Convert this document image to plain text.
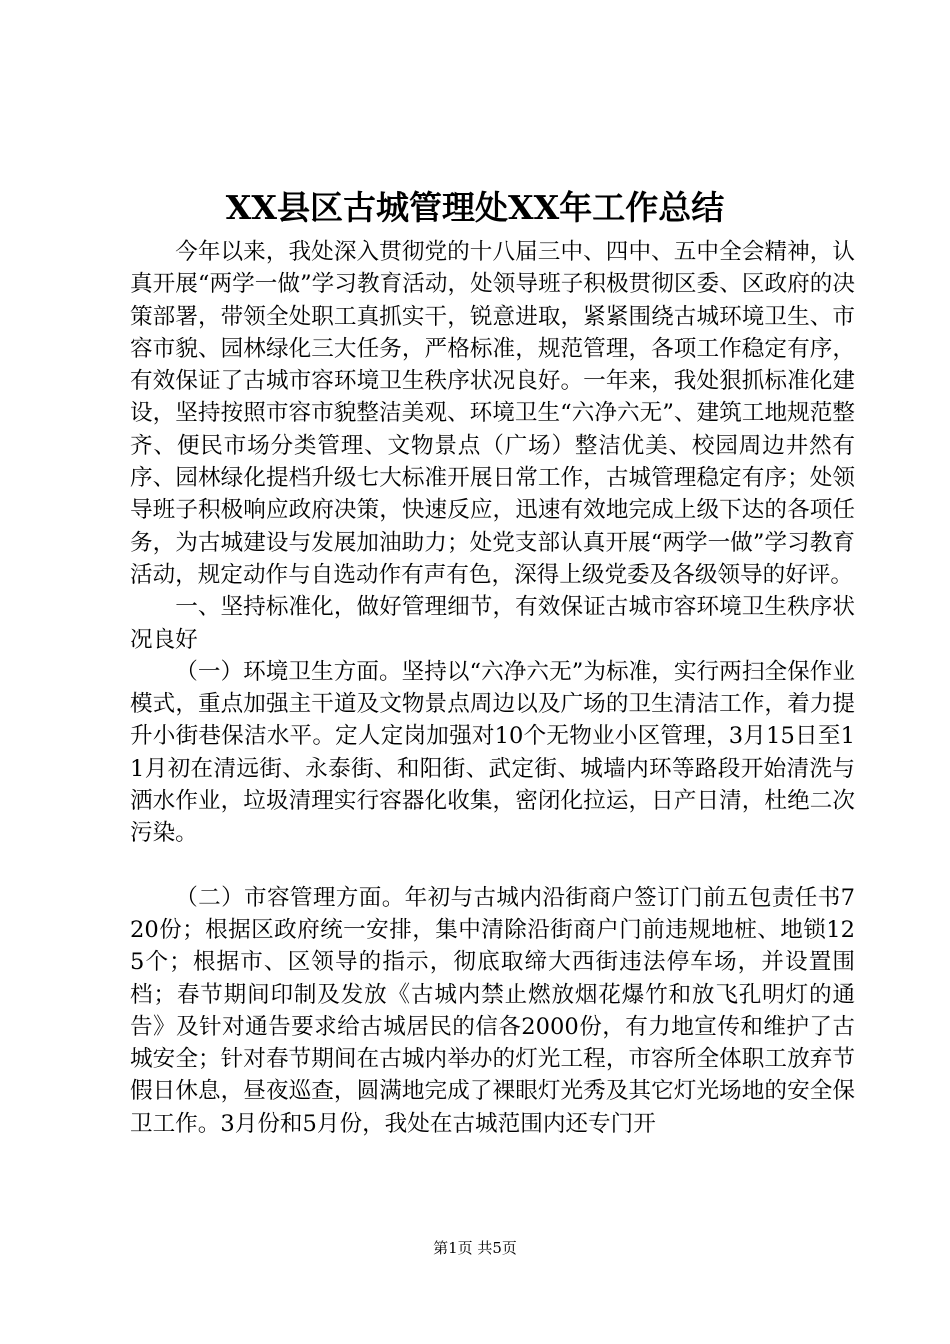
XX县区古城管理处XX年工作总结

今年以来，我处深入贯彻党的十八届三中、四中、五中全会精神，认真开展“两学一做”学习教育活动，处领导班子积极贯彻区委、区政府的决策部署，带领全处职工真抓实干，锐意进取，紧紧围绕古城环境卫生、市容市貌、园林绿化三大任务，严格标准，规范管理，各项工作稳定有序，有效保证了古城市容环境卫生秩序状况良好。一年来，我处狠抓标准化建设，坚持按照市容市貌整洁美观、环境卫生“六净六无”、建筑工地规范整齐、便民市场分类管理、文物景点（广场）整洁优美、校园周边井然有序、园林绿化提档升级七大标准开展日常工作，古城管理稳定有序；处领导班子积极响应政府决策，快速反应，迅速有效地完成上级下达的各项任务，为古城建设与发展加油助力；处党支部认真开展“两学一做”学习教育活动，规定动作与自选动作有声有色，深得上级党委及各级领导的好评。

一、坚持标准化，做好管理细节，有效保证古城市容环境卫生秩序状况良好

（一）环境卫生方面。坚持以“六净六无”为标准，实行两扫全保作业模式，重点加强主干道及文物景点周边以及广场的卫生清洁工作，着力提升小街巷保洁水平。定人定岗加强对10个无物业小区管理，3月15日至11月初在清远街、永泰街、和阳街、武定街、城墙内环等路段开始清洗与洒水作业，垃圾清理实行容器化收集，密闭化拉运，日产日清，杜绝二次污染。

（二）市容管理方面。年初与古城内沿街商户签订门前五包责任书720份；根据区政府统一安排，集中清除沿街商户门前违规地桩、地锁125个；根据市、区领导的指示，彻底取缔大西街违法停车场，并设置围档；春节期间印制及发放《古城内禁止燃放烟花爆竹和放飞孔明灯的通告》及针对通告要求给古城居民的信各2000份，有力地宣传和维护了古城安全；针对春节期间在古城内举办的灯光工程，市容所全体职工放弃节假日休息，昼夜巡查，圆满地完成了裸眼灯光秀及其它灯光场地的安全保卫工作。3月份和5月份，我处在古城范围内还专门开

第1页 共5页
